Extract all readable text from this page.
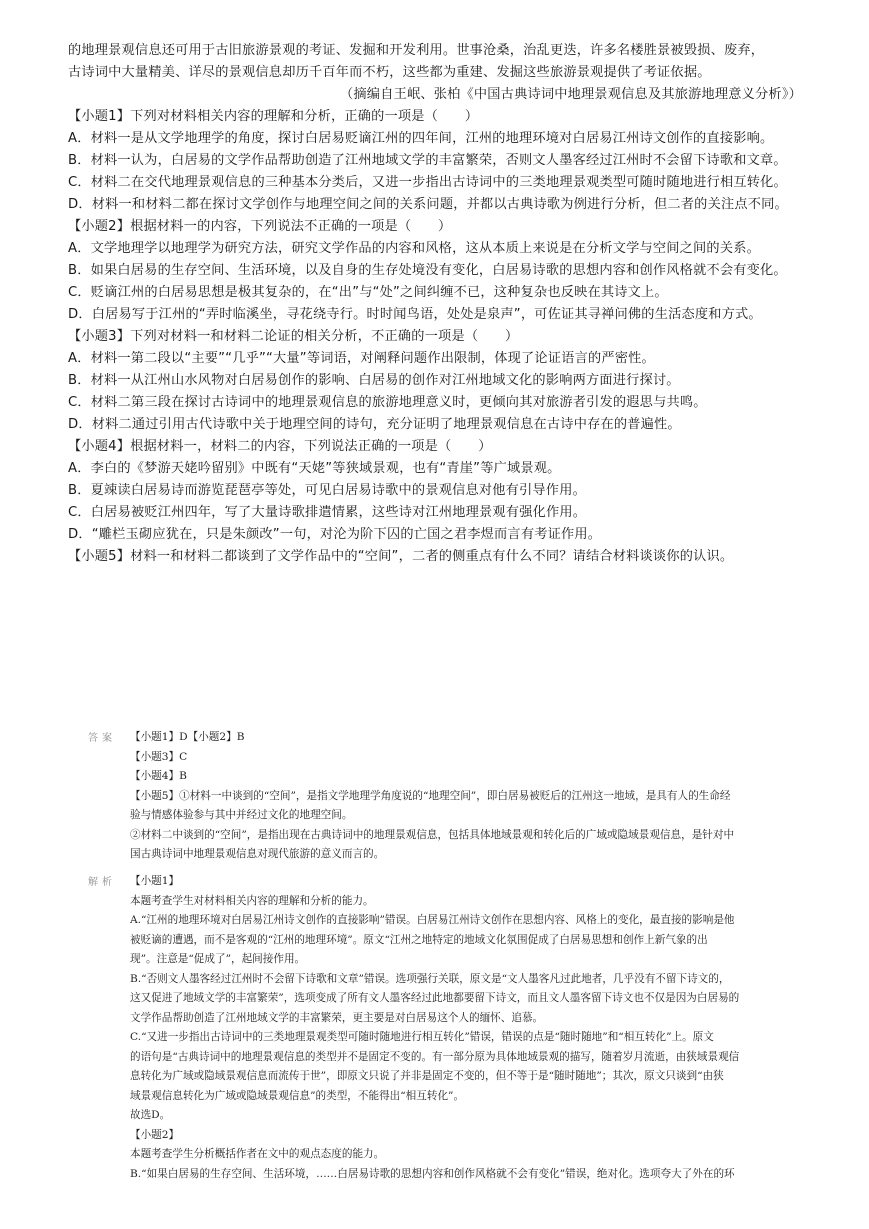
的地理景观信息还可用于古旧旅游景观的考证、发掘和开发利用。世事沧桑，治乱更迭，许多名楼胜景被毁损、废弃，

古诗词中大量精美、详尽的景观信息却历千百年而不朽，这些都为重建、发掘这些旅游景观提供了考证依据。

（摘编自王岷、张柏《中国古典诗词中地理景观信息及其旅游地理意义分析》）

【小题1】下列对材料相关内容的理解和分析，正确的一项是（　　）

A．材料一是从文学地理学的角度，探讨白居易贬谪江州的四年间，江州的地理环境对白居易江州诗文创作的直接影响。

B．材料一认为，白居易的文学作品帮助创造了江州地域文学的丰富繁荣，否则文人墨客经过江州时不会留下诗歌和文章。

C．材料二在交代地理景观信息的三种基本分类后，又进一步指出古诗词中的三类地理景观类型可随时随地进行相互转化。

D．材料一和材料二都在探讨文学创作与地理空间之间的关系问题，并都以古典诗歌为例进行分析，但二者的关注点不同。

【小题2】根据材料一的内容，下列说法不正确的一项是（　　）

A．文学地理学以地理学为研究方法，研究文学作品的内容和风格，这从本质上来说是在分析文学与空间之间的关系。

B．如果白居易的生存空间、生活环境，以及自身的生存处境没有变化，白居易诗歌的思想内容和创作风格就不会有变化。

C．贬谪江州的白居易思想是极其复杂的，在“出”与“处”之间纠缠不已，这种复杂也反映在其诗文上。

D．白居易写于江州的“弄时临溪坐，寻花绕寺行。时时闻鸟语，处处是泉声”，可佐证其寻禅问佛的生活态度和方式。

【小题3】下列对材料一和材料二论证的相关分析，不正确的一项是（　　）

A．材料一第二段以“主要”“几乎”“大量”等词语，对阐释问题作出限制，体现了论证语言的严密性。

B．材料一从江州山水风物对白居易创作的影响、白居易的创作对江州地域文化的影响两方面进行探讨。

C．材料二第三段在探讨古诗词中的地理景观信息的旅游地理意义时，更倾向其对旅游者引发的遐思与共鸣。

D．材料二通过引用古代诗歌中关于地理空间的诗句，充分证明了地理景观信息在古诗中存在的普遍性。

【小题4】根据材料一，材料二的内容，下列说法正确的一项是（　　）

A．李白的《梦游天姥吟留别》中既有“天姥”等狭域景观，也有“青崖”等广域景观。

B．夏竦读白居易诗而游览琵琶亭等处，可见白居易诗歌中的景观信息对他有引导作用。

C．白居易被贬江州四年，写了大量诗歌排遣情累，这些诗对江州地理景观有强化作用。

D．“雕栏玉砌应犹在，只是朱颜改”一句，对沦为阶下囚的亡国之君李煜而言有考证作用。

【小题5】材料一和材料二都谈到了文学作品中的“空间”，二者的侧重点有什么不同？请结合材料谈谈你的认识。

答案 【小题1】D【小题2】B

【小题3】C

【小题4】B

【小题5】①材料一中谈到的“空间”，是指文学地理学角度说的“地理空间”，即白居易被贬后的江州这一地域，是具有人的生命经

验与情感体验参与其中并经过文化的地理空间。

②材料二中谈到的“空间”，是指出现在古典诗词中的地理景观信息，包括具体地域景观和转化后的广域或隐域景观信息，是针对中

国古典诗词中地理景观信息对现代旅游的意义而言的。

解析 【小题1】

本题考查学生对材料相关内容的理解和分析的能力。

A.“江州的地理环境对白居易江州诗文创作的直接影响”错误。白居易江州诗文创作在思想内容、风格上的变化，最直接的影响是他

被贬谪的遭遇，而不是客观的“江州的地理环境”。原文“江州之地特定的地域文化氛围促成了白居易思想和创作上新气象的出

现”。注意是“促成了”，起间接作用。

B.“否则文人墨客经过江州时不会留下诗歌和文章”错误。选项强行关联，原文是“文人墨客凡过此地者，几乎没有不留下诗文的，

这又促进了地域文学的丰富繁荣”，选项变成了所有文人墨客经过此地都要留下诗文，而且文人墨客留下诗文也不仅是因为白居易的

文学作品帮助创造了江州地域文学的丰富繁荣，更主要是对白居易这个人的缅怀、追慕。

C.“又进一步指出古诗词中的三类地理景观类型可随时随地进行相互转化”错误，错误的点是“随时随地”和“相互转化”上。原文

的语句是“古典诗词中的地理景观信息的类型并不是固定不变的。有一部分原为具体地域景观的描写，随着岁月流逝，由狭域景观信

息转化为广域或隐域景观信息而流传于世”，即原文只说了并非是固定不变的，但不等于是“随时随地”；其次，原文只谈到“由狭

域景观信息转化为广域或隐域景观信息”的类型，不能得出“相互转化”。

故选D。

【小题2】

本题考查学生分析概括作者在文中的观点态度的能力。

B.“如果白居易的生存空间、生活环境，……白居易诗歌的思想内容和创作风格就不会有变化”错误，绝对化。选项夸大了外在的环
